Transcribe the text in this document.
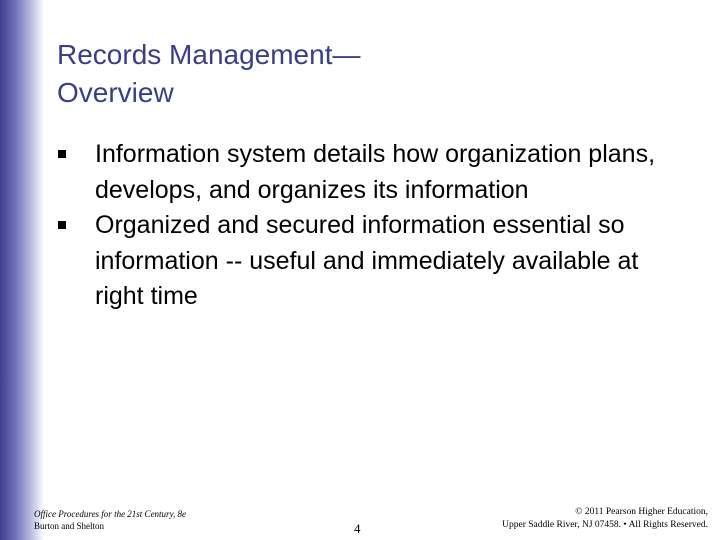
Records Management—
Overview
Information system details how organization plans, develops, and organizes its information
Organized and secured information essential so information -- useful and immediately available at right time
Office Procedures for the 21st Century, 8e
Burton and Shelton	4
© 2011 Pearson Higher Education,
Upper Saddle River, NJ 07458. • All Rights Reserved.
